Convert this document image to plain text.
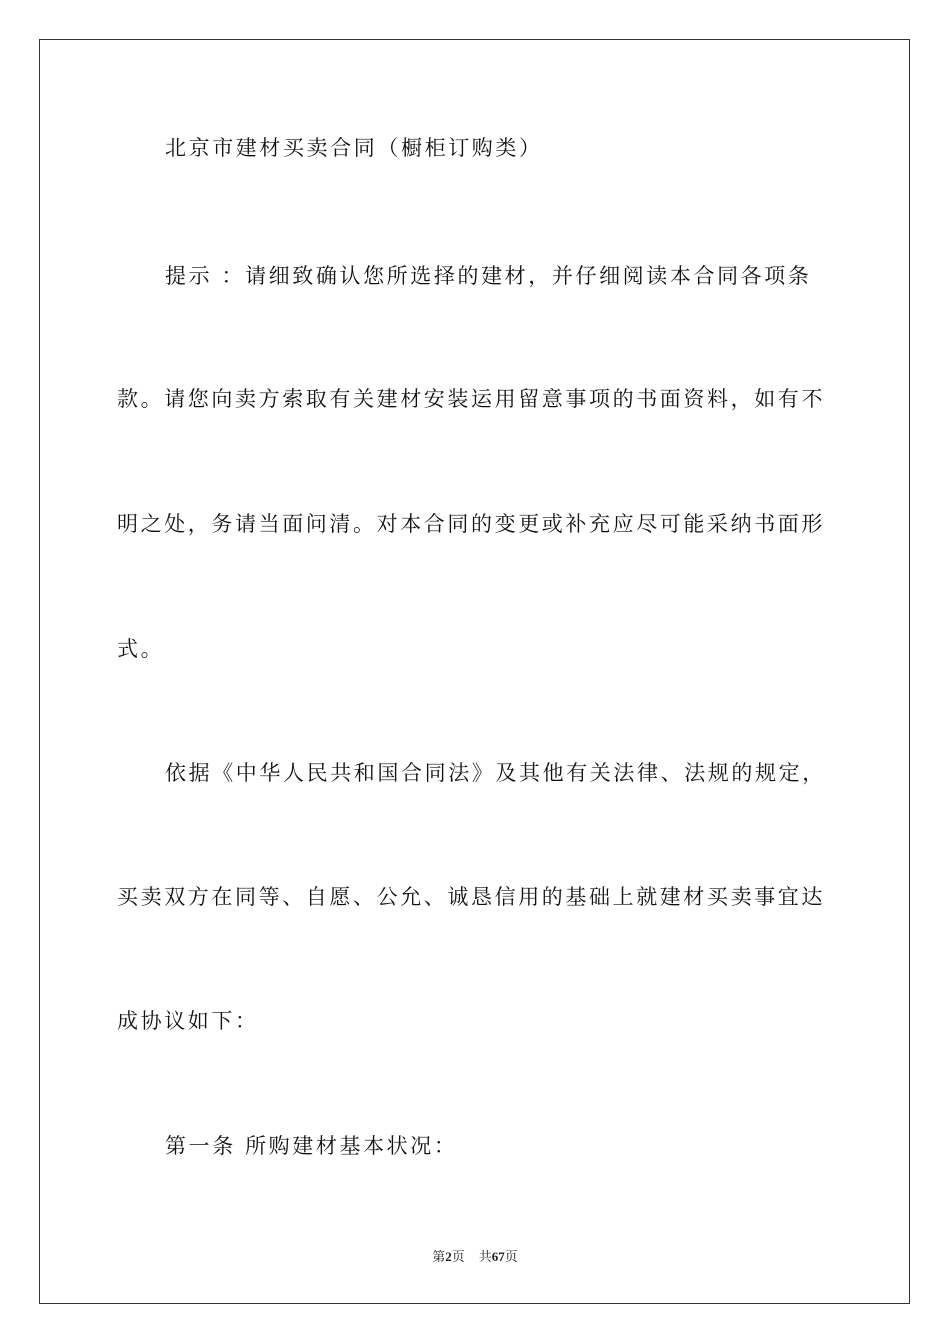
北京市建材买卖合同（橱柜订购类）
提示 ：请细致确认您所选择的建材，并仔细阅读本合同各项条
款。请您向卖方索取有关建材安装运用留意事项的书面资料，如有不
明之处，务请当面问清。对本合同的变更或补充应尽可能采纳书面形
式。
依据《中华人民共和国合同法》及其他有关法律、法规的规定，
买卖双方在同等、自愿、公允、诚恳信用的基础上就建材买卖事宜达
成协议如下：
第一条 所购建材基本状况：
第2页 共67页
